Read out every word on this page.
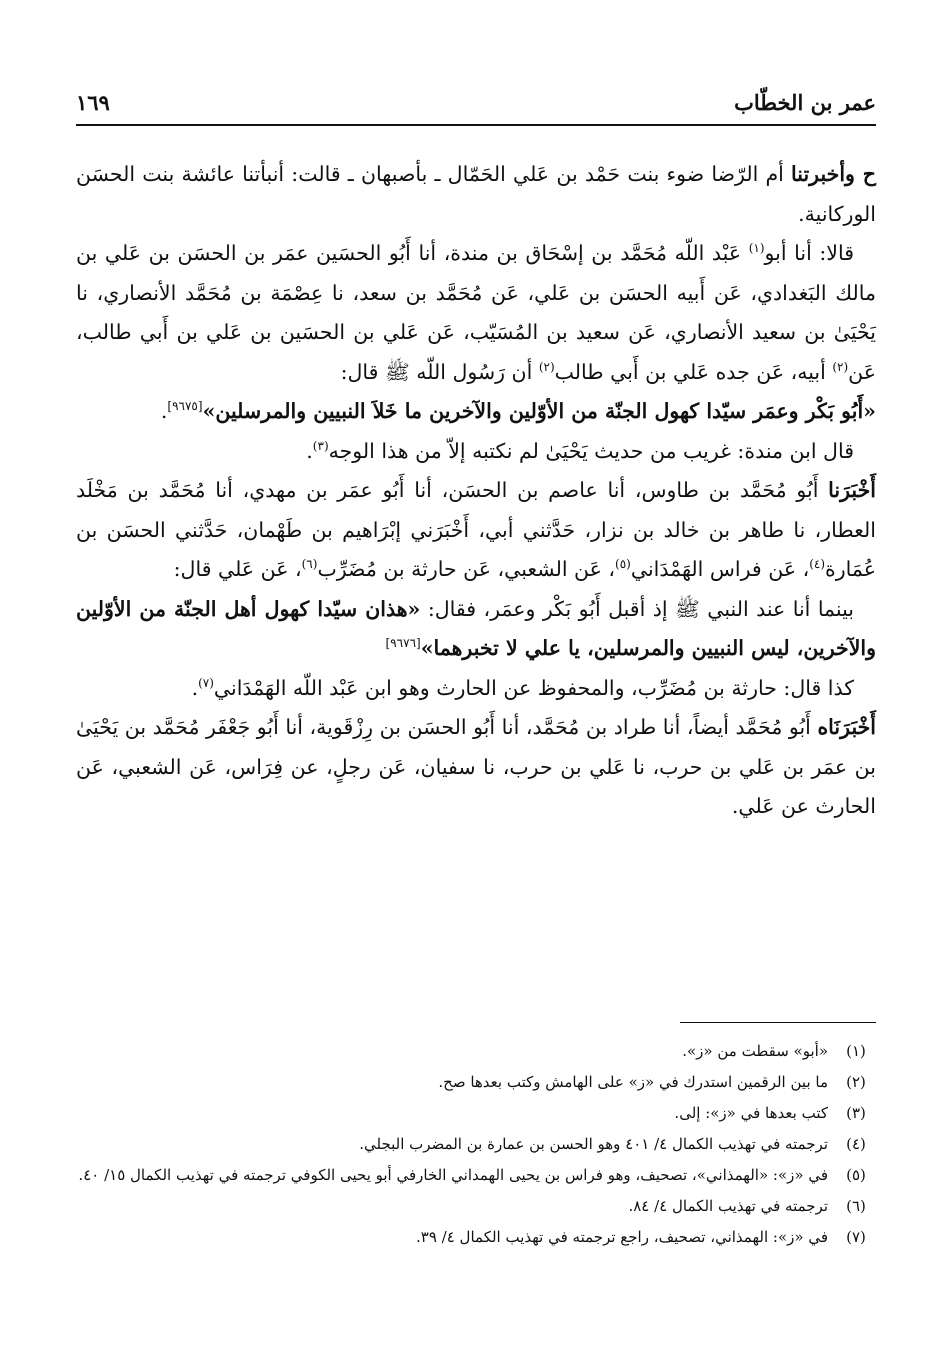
عمر بن الخطّاب
١٦٩

ح وأخبرتنا أم الرّضا ضوء بنت حَمْد بن عَلي الحَمّال ـ بأصبهان ـ قالت: أنبأتنا عائشة بنت الحسَن الوركانية.

قالا: أنا أبو$^{(١)}$ عَبْد اللّه مُحَمَّد بن إسْحَاق بن مندة، أنا أَبُو الحسَين عمَر بن الحسَن بن عَلي بن مالك البَغدادي، عَن أَبيه الحسَن بن عَلي، عَن مُحَمَّد بن سعد، نا عِصْمَة بن مُحَمَّد الأنصاري، نا يَحْيَىٰ بن سعيد الأنصاري، عَن سعيد بن المُسَيّب، عَن عَلي بن الحسَين بن عَلي بن أَبي طالب، عَن$^{(٢)}$ أبيه، عَن جده عَلي بن أَبي طالب$^{(٢)}$ أن رَسُول اللّه ﷺ قال:

«أَبُو بَكْر وعمَر سيّدا كهول الجنّة من الأوّلين والآخرين ما خَلاَ النبيين والمرسلين»[٩٦٧٥].

قال ابن مندة: غريب من حديث يَحْيَىٰ لم نكتبه إلاّ من هذا الوجه$^{(٣)}$.

أَخْبَرَنا أَبُو مُحَمَّد بن طاوس، أنا عاصم بن الحسَن، أنا أَبُو عمَر بن مهدي، أنا مُحَمَّد بن مَخْلَد العطار، نا طاهر بن خالد بن نزار، حَدَّثني أبي، أَخْبَرَني إبْرَاهيم بن طَهْمان، حَدَّثني الحسَن بن عُمَارة$^{(٤)}$، عَن فراس الهَمْدَاني$^{(٥)}$، عَن الشعبي، عَن حارثة بن مُضَرِّب$^{(٦)}$، عَن عَلي قال:

بينما أنا عند النبي ﷺ إذ أقبل أَبُو بَكْر وعمَر، فقال: «هذان سيّدا كهول أهل الجنّة من الأوّلين والآخرين، ليس النبيين والمرسلين، يا علي لا تخبرهما»[٩٦٧٦]

كذا قال: حارثة بن مُضَرِّب، والمحفوظ عن الحارث وهو ابن عَبْد اللّه الهَمْدَاني$^{(٧)}$.

أَخْبَرَنَاه أَبُو مُحَمَّد أيضاً، أنا طراد بن مُحَمَّد، أنا أَبُو الحسَن بن رِزْقَوية، أنا أَبُو جَعْفَر مُحَمَّد بن يَحْيَىٰ بن عمَر بن عَلي بن حرب، نا عَلي بن حرب، نا سفيان، عَن رجلٍ، عن فِرَاس، عَن الشعبي، عَن الحارث عن عَلي.

(١)
«أبو» سقطت من «ز».

(٢)
ما بين الرقمين استدرك في «ز» على الهامش وكتب بعدها صح.

(٣)
كتب بعدها في «ز»: إلى.

(٤)
ترجمته في تهذيب الكمال ٤/ ٤٠١ وهو الحسن بن عمارة بن المضرب البجلي.

(٥)
في «ز»: «الهمذاني»، تصحيف، وهو فراس بن يحيى الهمداني الخارفي أبو يحيى الكوفي ترجمته في تهذيب الكمال ١٥/ ٤٠.

(٦)
ترجمته في تهذيب الكمال ٤/ ٨٤.

(٧)
في «ز»: الهمذاني، تصحيف، راجع ترجمته في تهذيب الكمال ٤/ ٣٩.
